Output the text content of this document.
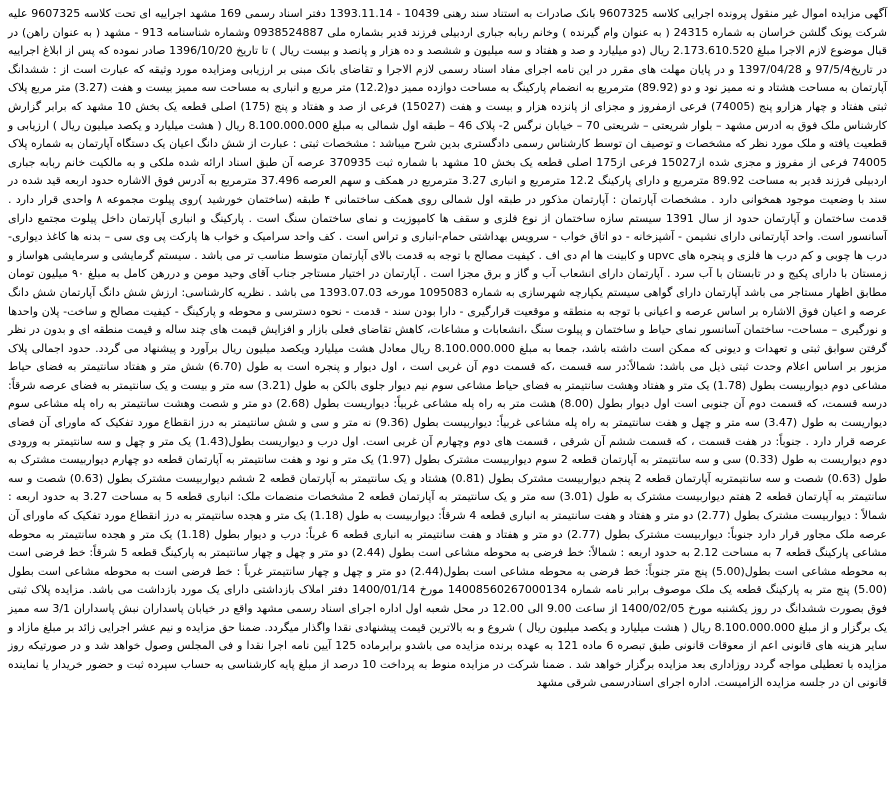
آگهی مزایده اموال غیر منقول پرونده اجرایی کلاسه 9607325 بانک صادرات به استناد سند رهنی 10439 - 1393.11.14 دفتر اسناد رسمی 169 مشهد اجراییه ای تحت کلاسه 9607325 علیه شرکت یونک گلشن خراسان به شماره 24315 ( به عنوان وام گیرنده ) وخانم ربابه جباری اردبیلی فرزند قدیر بشماره ملی 0938524887 وشماره شناسنامه 913 - مشهد ( به عنوان راهن) در قبال موضوع لازم الاجرا مبلغ 2.173.610.520 ریال (دو میلیارد و صد و هفتاد و سه میلیون و ششصد و ده هزار و پانصد و بیست ریال ) تا تاریخ 1396/10/20 صادر نموده که پس از ابلاغ اجراییه در تاریخ97/5/4 و 1397/04/28 و در پایان مهلت های مقرر در این نامه اجرای مفاد اسناد رسمی لازم الاجرا و تقاضای بانک مبنی بر ارزیابی ومزایده مورد وثیقه که عبارت است از : ششدانگ آپارتمان به مساحت هشتاد و نه ممیز نود و دو (89.92) مترمربع به انضمام پارکینگ به مساحت دوازده ممیز دو(12.2) متر مربع و انباری به مساحت سه ممیز بیست و هفت (3.27) متر مربع پلاک ثبتی هفتاد و چهار هزارو پنج (74005) فرعی ازمفروز و مجزای از پانزده هزار و بیست و هفت (15027) فرعی از صد و هفتاد و پنج (175) اصلی قطعه یک بخش 10 مشهد که برابر گزارش کارشناس ملک فوق به ادرس مشهد – بلوار شریعتی – شریعتی 70 – خیابان نرگس 2- پلاک 46 – طبقه اول شمالی به مبلغ 8.100.000.000 ریال ( هشت میلیارد و یکصد میلیون ریال ) ارزیابی و قطعیت یافته و ملک مورد نظر که مشخصات و توصیف ان توسط کارشناس رسمی دادگستری بدین شرح میباشد : مشخصات ثبتی : عبارت از شش دانگ اعیان یک دستگاه آپارتمان به شماره پلاک 74005 فرعی از مفروز و مجزی شده از15027 فرعی از175 اصلی قطعه یک بخش 10 مشهد با شماره ثبت 370935 عرصه آن طبق اسناد ارائه شده ملکی و به مالکیت خانم ربابه جباری اردبیلی فرزند قدیر به مساحت 89.92 مترمربع و دارای پارکینگ 12.2 مترمربع و انباری 3.27 مترمربع در همکف و سهم العرصه 37.496 مترمربع به آدرس فوق الاشاره حدود اربعه قید شده در سند با وضعیت موجود همخوانی دارد . مشخصات آپارتمان : آپارتمان مذکور در طبقه اول شمالی روی همکف ساختمانی ۴ طبقه (ساختمان خورشید )روی پیلوت مجموعه ۸ واحدی قرار دارد . قدمت ساختمان و آپارتمان حدود از سال 1391 سیستم سازه ساختمان از نوع فلزی و سقف ها کامپوزیت و نمای ساختمان سنگ است . پارکینگ و انباری آپارتمان داخل پیلوت مجتمع دارای آسانسور است. واحد آپارتمانی دارای نشیمن - آشپزخانه - دو اتاق خواب - سرویس بهداشتی حمام-انباری و تراس است . کف واحد سرامیک و خواب ها پارکت پی وی سی – بدنه ها کاغذ دیواری- درب ها چوبی و کم درب ها فلزی و پنجره های upvc و کابینت ها ام دی اف . کیفیت مصالح با توجه به قدمت بالای آپارتمان متوسط مناسب تر می باشد . سیستم گرمایشی و سرمایشی هواساز و زمستان با دارای پکیج و در تابستان با آب سرد . آپارتمان دارای انشعاب آب و گاز و برق مجزا است . آپارتمان در اختیار مستاجر جناب آقای وحید مومن و دررهن کامل به مبلغ ۹۰ میلیون تومان مطابق اظهار مستاجر می باشد آپارتمان دارای گواهی سیستم یکپارچه شهرسازی به شماره 1095083 مورخه 1393.07.03 می باشد . نظریه کارشناسی: ارزش شش دانگ آپارتمان شش دانگ عرصه و اعیان فوق الاشاره بر اساس عرصه و اعیانی با توجه به منطقه و موقعیت قرارگیری - دارا بودن سند - قدمت - نحوه دسترسی و محوطه و پارکینگ - کیفیت مصالح و ساخت- پلان واحدها و نورگیری – مساحت- ساختمان آسانسور نمای حیاط و ساختمان و پیلوت سنگ ،انشعابات و مشاعات، کاهش تقاضای فعلی بازار و افزایش قیمت های چند ساله و قیمت منطقه ای و بدون در نظر گرفتن سوابق ثبتی و تعهدات و دیونی که ممکن است داشته باشد، جمعا به مبلغ 8.100.000.000 ریال معادل هشت میلیارد ویکصد میلیون ریال برآورد و پیشنهاد می گردد. حدود اجمالی پلاک مزبور بر اساس اعلام وحدت ثبتی ذیل می باشد: شمالاً:در سه قسمت ،که قسمت دوم آن غربی است ، اول دیوار و پنجره است به طول (6.70) شش متر و هفتاد سانتیمتر به فضای حیاط مشاعی دوم دیواربیست بطول (1.78) یک متر و هفتاد وهشت سانتیمتر به فضای حیاط مشاعی سوم نیم دیوار جلوی بالکن به طول (3.21) سه متر و بیست و یک سانتیمتر به فضای عرصه شرقاً: درسه قسمت، که قسمت دوم آن جنوبی است اول دیوار بطول (8.00) هشت متر به راه پله مشاعی غربیاً: دیواریست بطول (2.68) دو متر و شصت وهشت سانتیمتر به راه پله مشاعی سوم دیواریست به طول (3.47) سه متر و چهل و هفت سانتیمتر به راه پله مشاعی غربیاً: دیواربیست بطول (9.36) نه متر و سی و شش سانتیمتر به درز انقطاع مورد تفکیک که ماورای آن فضای عرصه قرار دارد . جنوباً: در هفت قسمت ، که قسمت ششم آن شرقی ، قسمت های دوم وچهارم آن غربی است. اول درب و دیواریست بطول(1.43) یک متر و چهل و سه سانتیمتر به ورودی دوم دیواریست به طول (0.33) سی و سه سانتیمتر به آپارتمان قطعه 2 سوم دیواربیست مشترک بطول (1.97) یک متر و نود و هفت سانتیمتر به آپارتمان قطعه دو چهارم دیواربیست مشترک به طول (0.63) شصت و سه سانتیمتربه آپارتمان قطعه 2 پنجم دیواربیست مشترک بطول (0.81) هشتاد و یک سانتیمتر به آپارتمان قطعه 2 ششم دیواربیست مشترک بطول (0.63) شصت و سه سانتیمتر به آپارتمان قطعه 2 هفتم دیواربیست مشترک به طول (3.01) سه متر و یک سانتیمتر به آپارتمان قطعه 2 مشخصات منضمات ملک: انباری قطعه 5 به مساحت 3.27 به حدود اربعه : شمالاً : دیواربیست مشترک بطول (2.77) دو متر و هفتاد و هفت سانتیمتر به انباری قطعه 4 شرقاً: دیواربیست به طول (1.18) یک متر و هجده سانتیمتر به درز انقطاع مورد تفکیک که ماورای آن عرصه ملک مجاور قرار دارد جنوباً: دیواربیست مشترک بطول (2.77) دو متر و هفتاد و هفت سانتیمتر به انباری قطعه 6 غرباً: درب و دیوار بطول (1.18) یک متر و هجده سانتیمتر به محوطه مشاعی پارکینگ قطعه 7 به مساحت 2.12 به حدود اربعه : شمالاً: خط فرضی به محوطه مشاعی است بطول (2.44) دو متر و چهل و چهار سانتیمتر به پارکینگ قطعه 5 شرقاً: خط فرضی است به محوطه مشاعی است بطول(5.00) پنج متر جنوباً: خط فرضی به محوطه مشاعی است بطول(2.44) دو متر و چهل و چهار سانتیمتر غرباً : خط فرضی است به محوطه مشاعی است بطول (5.00) پنج متر به پارکینگ قطعه یک ملک موصوف برابر نامه شماره 14008560267000134 مورخ 1400/01/14 دفتر املاک بازداشتی دارای یک مورد بازداشت می باشد. مزایده پلاک ثبتی فوق بصورت ششدانگ در روز یکشنبه مورخ 1400/02/05 از ساعت 9.00 الی 12.00 در محل شعبه اول اداره اجرای اسناد رسمی مشهد واقع در خیابان پاسداران نبش پاسداران 3/1 سه ممیز یک برگزار و از مبلغ 8.100.000.000 ریال ( هشت میلیارد و یکصد میلیون ریال ) شروع و به بالاترین قیمت پیشنهادی نقدا واگذار میگردد. ضمنا حق مزایده و نیم عشر اجرایی زائد بر مبلغ مازاد و سایر هزینه های قانونی اعم از معوقات قانونی طبق تبصره 6 ماده 121 به عهده برنده مزایده می باشدو برابرماده 125 آیین نامه اجرا نقدا و فی المجلس وصول خواهد شد و در صورتیکه روز مزایده با تعطیلی مواجه گردد روزاداری بعد مزایده برگزار خواهد شد . ضمنا شرکت در مزایده منوط به پرداخت 10 درصد از مبلغ پایه کارشناسی به حساب سپرده ثبت و حضور خریدار یا نماینده قانونی ان در جلسه مزایده الزامیست. اداره اجرای اسنادرسمی شرقی مشهد
